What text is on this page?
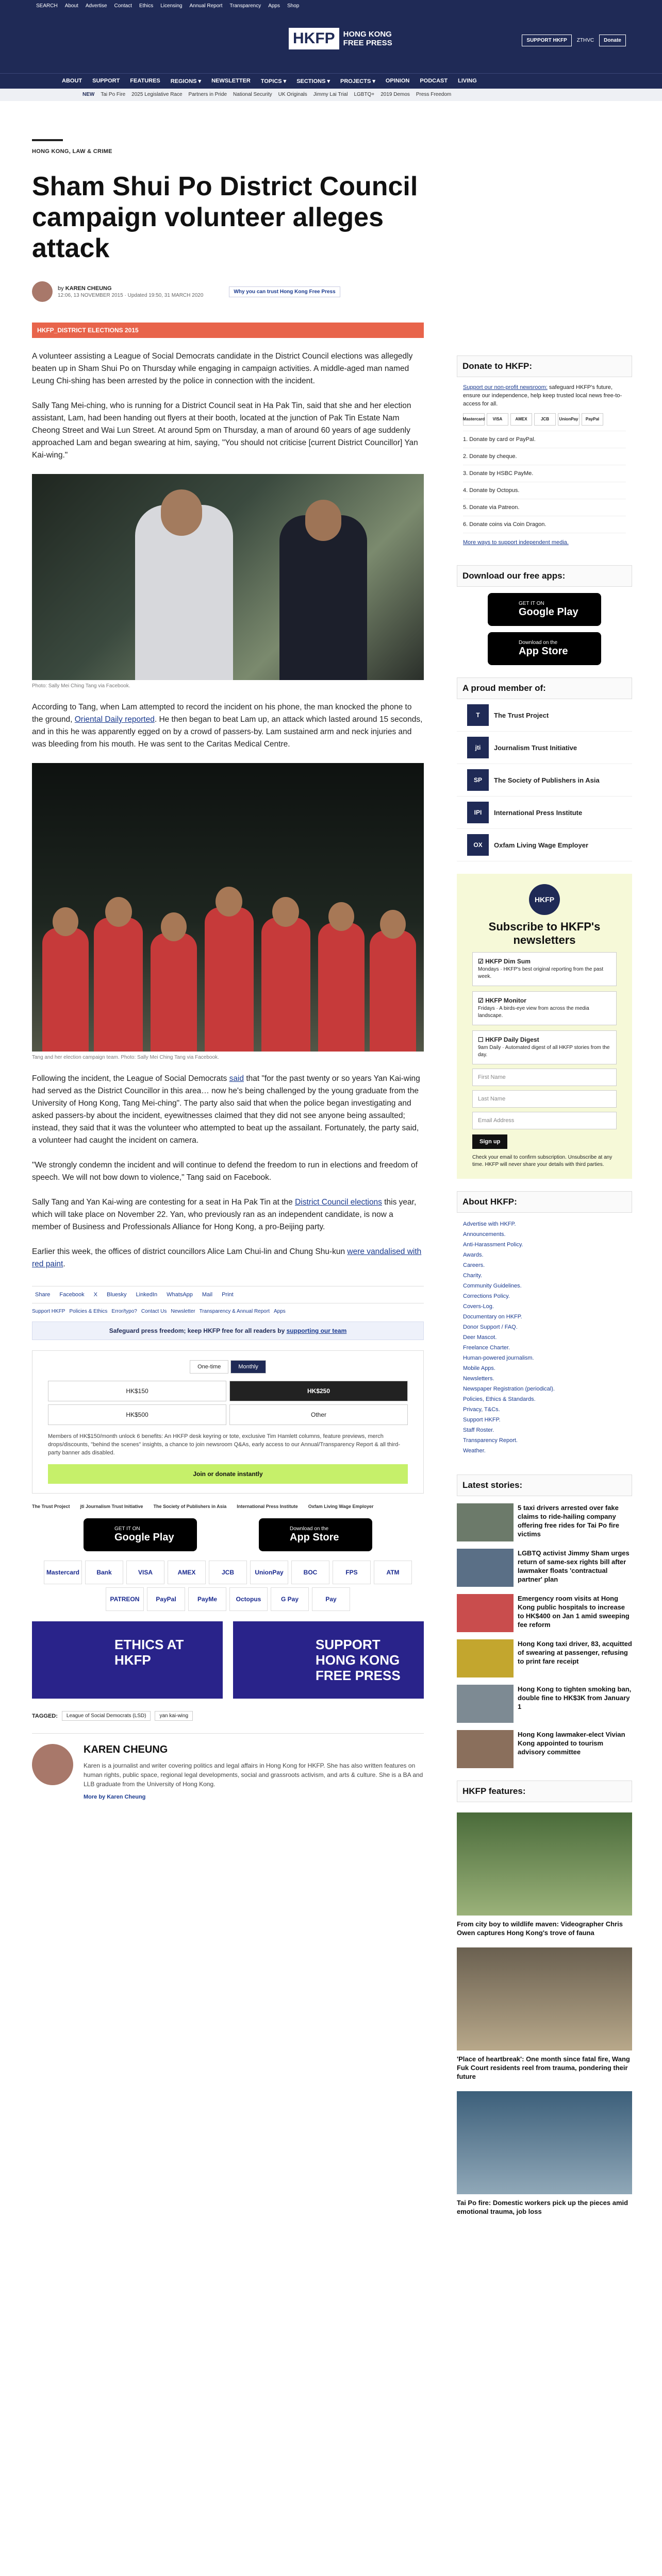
SEARCH About Advertise Contact Ethics Licensing Annual Report Transparency Apps Shop
HKFP	HONG KONG
FREE PRESS	SUPPORT HKFP	ZTHVC	Donate
ABOUT SUPPORT FEATURES REGIONS ▾ NEWSLETTER TOPICS ▾ SECTIONS ▾ PROJECTS ▾ OPINION PODCAST LIVING
NEW Tai Po Fire 2025 Legislative Race Partners in Pride National Security UK Originals Jimmy Lai Trial LGBTQ+ 2019 Demos Press Freedom
HONG KONG, LAW & CRIME
Sham Shui Po District Council campaign volunteer alleges attack
by KAREN CHEUNG
12:06, 13 NOVEMBER 2015 · Updated 19:50, 31 MARCH 2020
Why you can trust Hong Kong Free Press
HKFP_DISTRICT ELECTIONS 2015

A volunteer assisting a League of Social Democrats candidate in the District Council elections was allegedly beaten up in Sham Shui Po on Thursday while engaging in campaign activities. A middle-aged man named Leung Chi-shing has been arrested by the police in connection with the incident.

Sally Tang Mei-ching, who is running for a District Council seat in Ha Pak Tin, said that she and her election assistant, Lam, had been handing out flyers at their booth, located at the junction of Pak Tin Estate Nam Cheong Street and Wai Lun Street. At around 5pm on Thursday, a man of around 60 years of age suddenly approached Lam and began swearing at him, saying, "You should not criticise [current District Councillor] Yan Kai-wing."

Photo: Sally Mei Ching Tang via Facebook.

According to Tang, when Lam attempted to record the incident on his phone, the man knocked the phone to the ground, Oriental Daily reported. He then began to beat Lam up, an attack which lasted around 15 seconds, and in this he was apparently egged on by a crowd of passers-by. Lam sustained arm and neck injuries and was bleeding from his mouth. He was sent to the Caritas Medical Centre.

Tang and her election campaign team. Photo: Sally Mei Ching Tang via Facebook.

Following the incident, the League of Social Democrats said that "for the past twenty or so years Yan Kai-wing had served as the District Councillor in this area… now he's being challenged by the young graduate from the University of Hong Kong, Tang Mei-ching". The party also said that when the police began investigating and asked passers-by about the incident, eyewitnesses claimed that they did not see anyone being assaulted; instead, they said that it was the volunteer who attempted to beat up the assailant. Fortunately, the party said, a volunteer had caught the incident on camera.

"We strongly condemn the incident and will continue to defend the freedom to run in elections and freedom of speech. We will not bow down to violence," Tang said on Facebook.

Sally Tang and Yan Kai-wing are contesting for a seat in Ha Pak Tin at the District Council elections this year, which will take place on November 22. Yan, who previously ran as an independent candidate, is now a member of Business and Professionals Alliance for Hong Kong, a pro-Beijing party.

Earlier this week, the offices of district councillors Alice Lam Chui-lin and Chung Shu-kun were vandalised with red paint.

Share	Facebook	X	Bluesky	LinkedIn	WhatsApp	Mail	Print
Support HKFP Policies & Ethics Error/typo? Contact Us Newsletter Transparency & Annual Report Apps
Safeguard press freedom; keep HKFP free for all readers by supporting our team
One-time	Monthly
HK$150	HK$250
HK$500	Other
Members of HK$150/month unlock 6 benefits: An HKFP desk keyring or tote, exclusive Tim Hamlett columns, feature previews, merch drops/discounts, "behind the scenes" insights, a chance to join newsroom Q&As, early access to our Annual/Transparency Report & all third-party banner ads disabled.
Join or donate instantly
The Trust Project jti Journalism Trust Initiative The Society of Publishers in Asia International Press Institute Oxfam Living Wage Employer
GET IT ON
Google Play
Download on the
App Store
Mastercard	Bank	VISA	AMEX	JCB	UnionPay	BOC	FPS	ATM
PATREON	PayPal	PayMe	Octopus	G Pay	Pay
ETHICS AT HKFP
SUPPORT HONG KONG FREE PRESS
TAGGED:	League of Social Democrats (LSD)	yan kai-wing
KAREN CHEUNG
Karen is a journalist and writer covering politics and legal affairs in Hong Kong for HKFP. She has also written features on human rights, public space, regional legal developments, social and grassroots activism, and arts & culture. She is a BA and LLB graduate from the University of Hong Kong.
More by Karen Cheung
Donate to HKFP:
Support our non-profit newsroom: safeguard HKFP's future, ensure our independence, help keep trusted local news free-to-access for all.
Mastercard	VISA	AMEX	JCB	UnionPay	PayPal
1. Donate by card or PayPal.
2. Donate by cheque.
3. Donate by HSBC PayMe.
4. Donate by Octopus.
5. Donate via Patreon.
6. Donate coins via Coin Dragon.
More ways to support independent media.
Download our free apps:
GET IT ON
Google Play
Download on the
App Store
A proud member of:
T	The Trust Project
jti	Journalism Trust Initiative
SP	The Society of Publishers in Asia
IPI	International Press Institute
OX	Oxfam Living Wage Employer
HKFP
Subscribe to HKFP's newsletters
☑ HKFP Dim Sum
Mondays · HKFP's best original reporting from the past week.
☑ HKFP Monitor
Fridays · A birds-eye view from across the media landscape.
☐ HKFP Daily Digest
9am Daily · Automated digest of all HKFP stories from the day.
First Name
Last Name
Email Address
Sign up
Check your email to confirm subscription. Unsubscribe at any time. HKFP will never share your details with third parties.
About HKFP:
Advertise with HKFP.
Announcements.
Anti-Harassment Policy.
Awards.
Careers.
Charity.
Community Guidelines.
Corrections Policy.
Covers-Log.
Documentary on HKFP.
Donor Support / FAQ.
Deer Mascot.
Freelance Charter.
Human-powered journalism.
Mobile Apps.
Newsletters.
Newspaper Registration (periodical).
Policies, Ethics & Standards.
Privacy, T&Cs.
Support HKFP.
Staff Roster.
Transparency Report.
Weather.
Latest stories:
5 taxi drivers arrested over fake claims to ride-hailing company offering free rides for Tai Po fire victims
LGBTQ activist Jimmy Sham urges return of same-sex rights bill after lawmaker floats 'contractual partner' plan
Emergency room visits at Hong Kong public hospitals to increase to HK$400 on Jan 1 amid sweeping fee reform
Hong Kong taxi driver, 83, acquitted of swearing at passenger, refusing to print fare receipt
Hong Kong to tighten smoking ban, double fine to HK$3K from January 1
Hong Kong lawmaker-elect Vivian Kong appointed to tourism advisory committee
HKFP features:
From city boy to wildlife maven: Videographer Chris Owen captures Hong Kong's trove of fauna
'Place of heartbreak': One month since fatal fire, Wang Fuk Court residents reel from trauma, pondering their future
Tai Po fire: Domestic workers pick up the pieces amid emotional trauma, job loss
